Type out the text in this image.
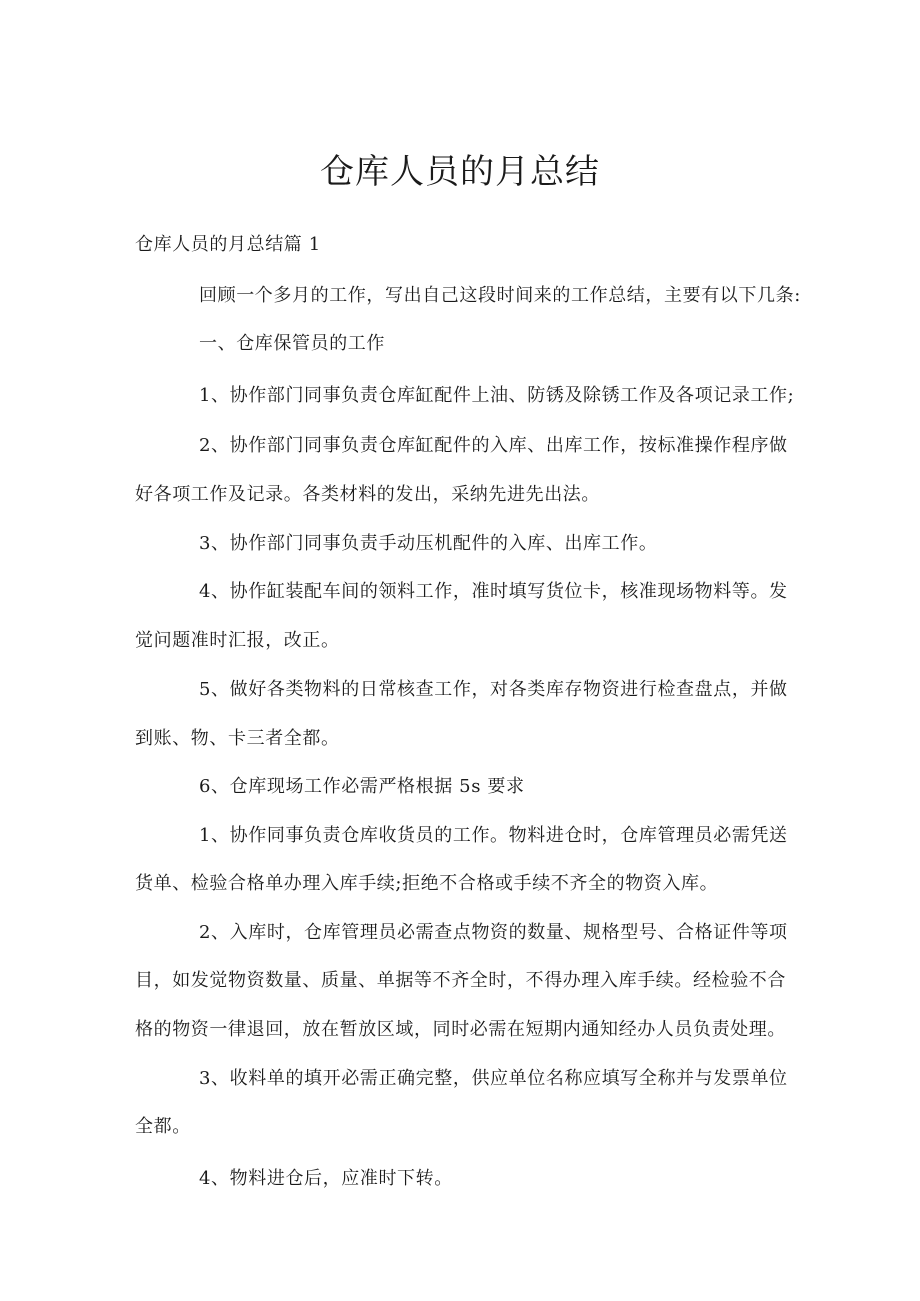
仓库人员的月总结
仓库人员的月总结篇 1
回顾一个多月的工作，写出自己这段时间来的工作总结，主要有以下几条:
一、仓库保管员的工作
1、协作部门同事负责仓库缸配件上油、防锈及除锈工作及各项记录工作;
2、协作部门同事负责仓库缸配件的入库、出库工作，按标准操作程序做
好各项工作及记录。各类材料的发出，采纳先进先出法。
3、协作部门同事负责手动压机配件的入库、出库工作。
4、协作缸装配车间的领料工作，准时填写货位卡，核准现场物料等。发
觉问题准时汇报，改正。
5、做好各类物料的日常核查工作，对各类库存物资进行检查盘点，并做
到账、物、卡三者全都。
6、仓库现场工作必需严格根据 5s 要求
1、协作同事负责仓库收货员的工作。物料进仓时，仓库管理员必需凭送
货单、检验合格单办理入库手续;拒绝不合格或手续不齐全的物资入库。
2、入库时，仓库管理员必需查点物资的数量、规格型号、合格证件等项
目，如发觉物资数量、质量、单据等不齐全时，不得办理入库手续。经检验不合
格的物资一律退回，放在暂放区域，同时必需在短期内通知经办人员负责处理。
3、收料单的填开必需正确完整，供应单位名称应填写全称并与发票单位
全都。
4、物料进仓后，应准时下转。
